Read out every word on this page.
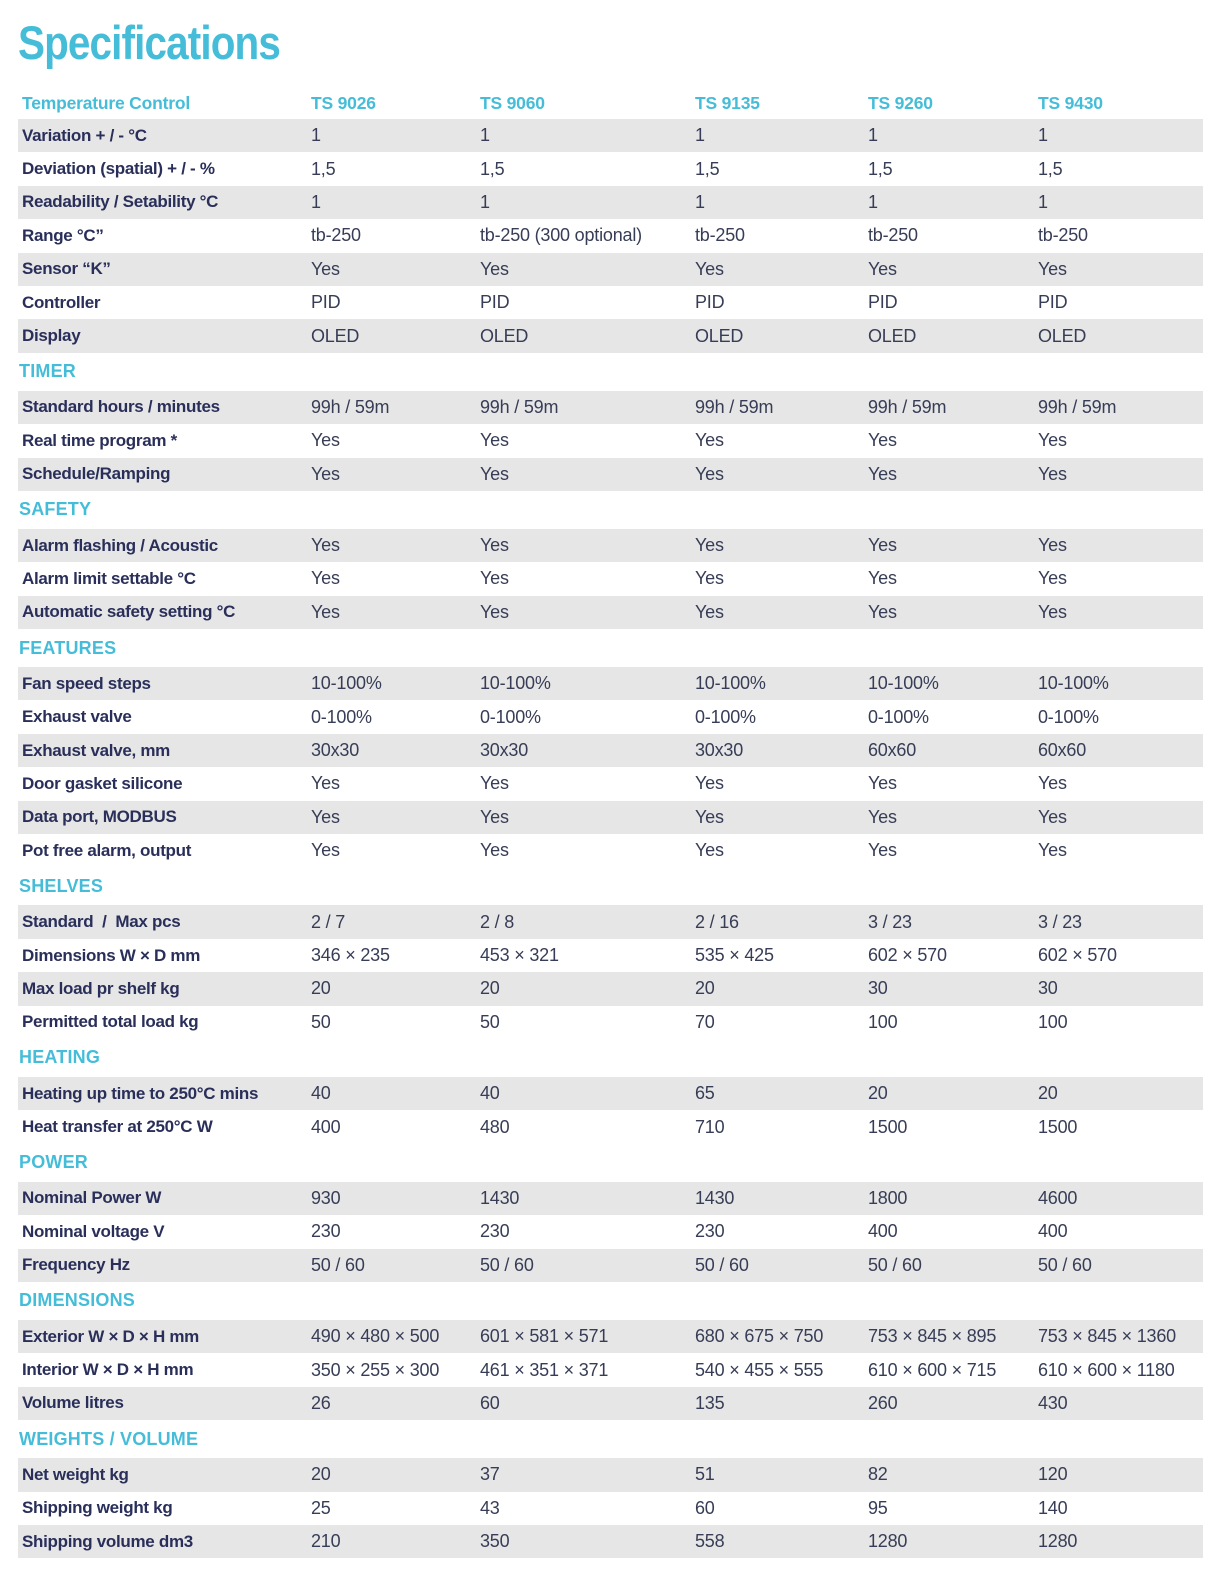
Specifications
Temperature Control	TS 9026	TS 9060	TS 9135	TS 9260	TS 9430
Variation + / - °C	1	1	1	1	1
Deviation (spatial) + / - %	1,5	1,5	1,5	1,5	1,5
Readability / Setability °C	1	1	1	1	1
Range °C”	tb-250	tb-250 (300 optional)	tb-250	tb-250	tb-250
Sensor “K”	Yes	Yes	Yes	Yes	Yes
Controller	PID	PID	PID	PID	PID
Display	OLED	OLED	OLED	OLED	OLED
TIMER
Standard hours / minutes	99h / 59m	99h / 59m	99h / 59m	99h / 59m	99h / 59m
Real time program *	Yes	Yes	Yes	Yes	Yes
Schedule/Ramping	Yes	Yes	Yes	Yes	Yes
SAFETY
Alarm flashing / Acoustic	Yes	Yes	Yes	Yes	Yes
Alarm limit settable °C	Yes	Yes	Yes	Yes	Yes
Automatic safety setting °C	Yes	Yes	Yes	Yes	Yes
FEATURES
Fan speed steps	10-100%	10-100%	10-100%	10-100%	10-100%
Exhaust valve	0-100%	0-100%	0-100%	0-100%	0-100%
Exhaust valve, mm	30x30	30x30	30x30	60x60	60x60
Door gasket silicone	Yes	Yes	Yes	Yes	Yes
Data port, MODBUS	Yes	Yes	Yes	Yes	Yes
Pot free alarm, output	Yes	Yes	Yes	Yes	Yes
SHELVES
Standard  /  Max pcs	2 / 7	2 / 8	2 / 16	3 / 23	3 / 23
Dimensions W × D mm	346 × 235	453 × 321	535 × 425	602 × 570	602 × 570
Max load pr shelf kg	20	20	20	30	30
Permitted total load kg	50	50	70	100	100
HEATING
Heating up time to 250°C mins	40	40	65	20	20
Heat transfer at 250°C W	400	480	710	1500	1500
POWER
Nominal Power W	930	1430	1430	1800	4600
Nominal voltage V	230	230	230	400	400
Frequency Hz	50 / 60	50 / 60	50 / 60	50 / 60	50 / 60
DIMENSIONS
Exterior W × D × H mm	490 × 480 × 500	601 × 581 × 571	680 × 675 × 750	753 × 845 × 895	753 × 845 × 1360
Interior W × D × H mm	350 × 255 × 300	461 × 351 × 371	540 × 455 × 555	610 × 600 × 715	610 × 600 × 1180
Volume litres	26	60	135	260	430
WEIGHTS / VOLUME
Net weight kg	20	37	51	82	120
Shipping weight kg	25	43	60	95	140
Shipping volume dm3	210	350	558	1280	1280
